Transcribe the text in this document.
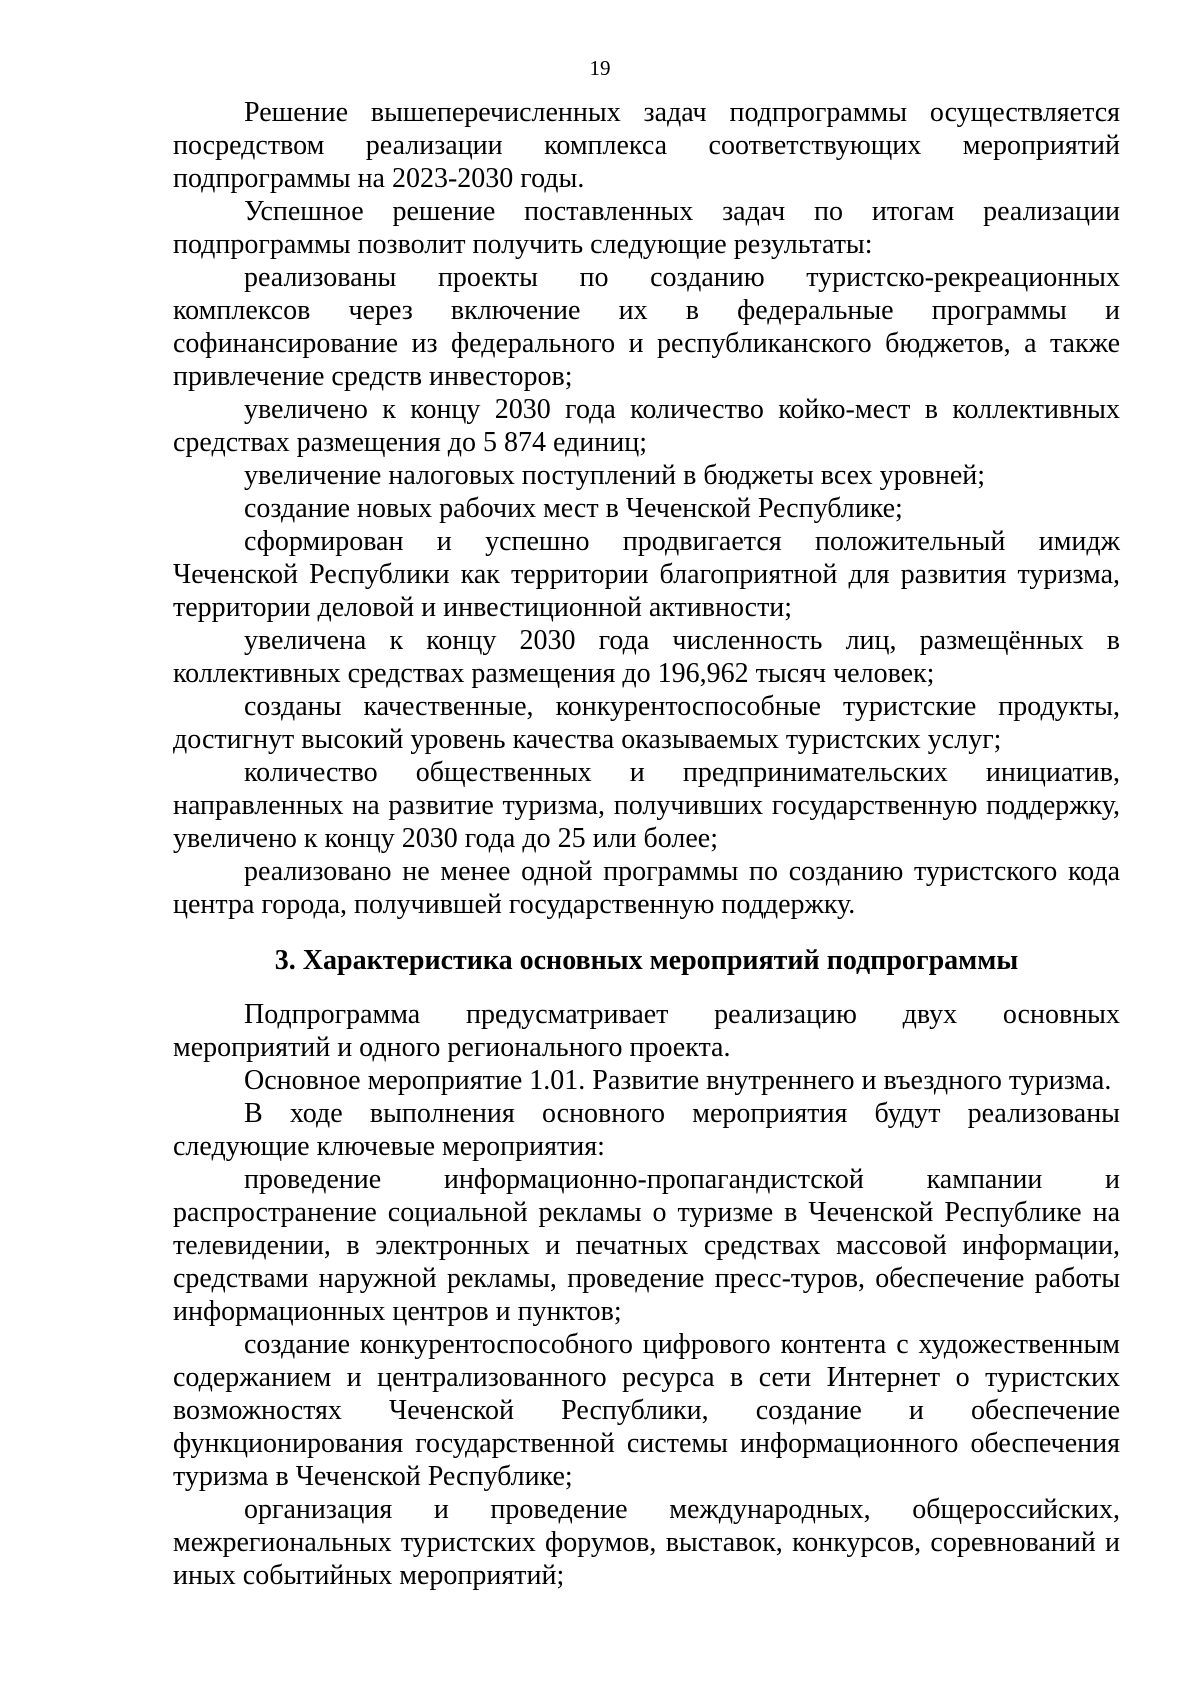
19

Решение вышеперечисленных задач подпрограммы осуществляется посредством реализации комплекса соответствующих мероприятий подпрограммы на 2023-2030 годы.

Успешное решение поставленных задач по итогам реализации подпрограммы позволит получить следующие результаты:

реализованы проекты по созданию туристско-рекреационных комплексов через включение их в федеральные программы и софинансирование из федерального и республиканского бюджетов, а также привлечение средств инвесторов;

увеличено к концу 2030 года количество койко-мест в коллективных средствах размещения до 5 874 единиц;

увеличение налоговых поступлений в бюджеты всех уровней;

создание новых рабочих мест в Чеченской Республике;

сформирован и успешно продвигается положительный имидж Чеченской Республики как территории благоприятной для развития туризма, территории деловой и инвестиционной активности;

увеличена к концу 2030 года численность лиц, размещённых в коллективных средствах размещения до 196,962 тысяч человек;

созданы качественные, конкурентоспособные туристские продукты, достигнут высокий уровень качества оказываемых туристских услуг;

количество общественных и предпринимательских инициатив, направленных на развитие туризма, получивших государственную поддержку, увеличено к концу 2030 года до 25 или более;

реализовано не менее одной программы по созданию туристского кода центра города, получившей государственную поддержку.

3. Характеристика основных мероприятий подпрограммы

Подпрограмма предусматривает реализацию двух основных мероприятий и одного регионального проекта.

Основное мероприятие 1.01. Развитие внутреннего и въездного туризма.

В ходе выполнения основного мероприятия будут реализованы следующие ключевые мероприятия:

проведение информационно-пропагандистской кампании и распространение социальной рекламы о туризме в Чеченской Республике на телевидении, в электронных и печатных средствах массовой информации, средствами наружной рекламы, проведение пресс-туров, обеспечение работы информационных центров и пунктов;

создание конкурентоспособного цифрового контента с художественным содержанием и централизованного ресурса в сети Интернет о туристских возможностях Чеченской Республики, создание и обеспечение функционирования государственной системы информационного обеспечения туризма в Чеченской Республике;

организация и проведение международных, общероссийских, межрегиональных туристских форумов, выставок, конкурсов, соревнований и иных событийных мероприятий;
